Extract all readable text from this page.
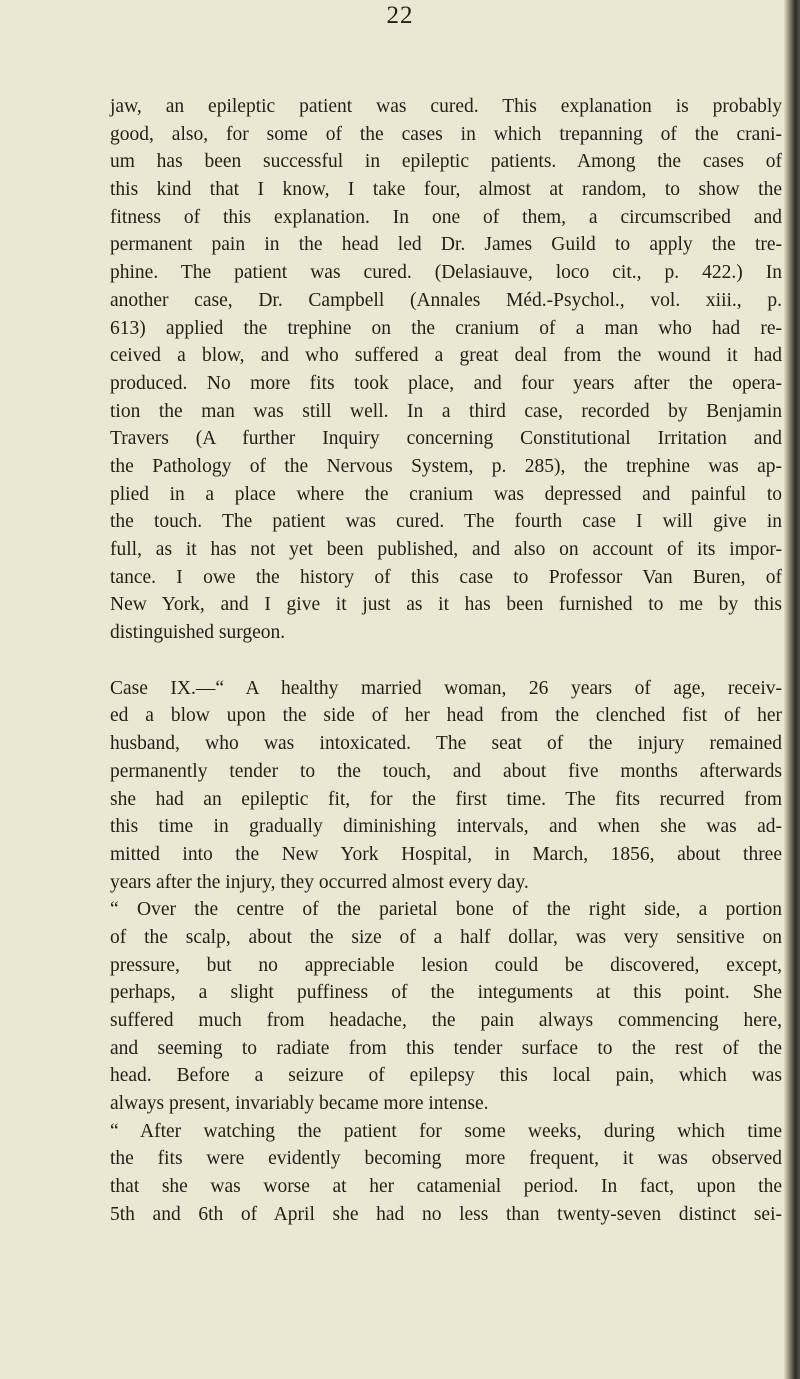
22
jaw, an epileptic patient was cured. This explanation is probably
good, also, for some of the cases in which trepanning of the crani-
um has been successful in epileptic patients. Among the cases of
this kind that I know, I take four, almost at random, to show the
fitness of this explanation. In one of them, a circumscribed and
permanent pain in the head led Dr. James Guild to apply the tre-
phine. The patient was cured. (Delasiauve, loco cit., p. 422.) In
another case, Dr. Campbell (Annales Méd.-Psychol., vol. xiii., p.
613) applied the trephine on the cranium of a man who had re-
ceived a blow, and who suffered a great deal from the wound it had
produced. No more fits took place, and four years after the opera-
tion the man was still well. In a third case, recorded by Benjamin
Travers (A further Inquiry concerning Constitutional Irritation and
the Pathology of the Nervous System, p. 285), the trephine was ap-
plied in a place where the cranium was depressed and painful to
the touch. The patient was cured. The fourth case I will give in
full, as it has not yet been published, and also on account of its impor-
tance. I owe the history of this case to Professor Van Buren, of
New York, and I give it just as it has been furnished to me by this
distinguished surgeon.
Case IX.—“ A healthy married woman, 26 years of age, receiv-
ed a blow upon the side of her head from the clenched fist of her
husband, who was intoxicated. The seat of the injury remained
permanently tender to the touch, and about five months afterwards
she had an epileptic fit, for the first time. The fits recurred from
this time in gradually diminishing intervals, and when she was ad-
mitted into the New York Hospital, in March, 1856, about three
years after the injury, they occurred almost every day.
“ Over the centre of the parietal bone of the right side, a portion
of the scalp, about the size of a half dollar, was very sensitive on
pressure, but no appreciable lesion could be discovered, except,
perhaps, a slight puffiness of the integuments at this point. She
suffered much from headache, the pain always commencing here,
and seeming to radiate from this tender surface to the rest of the
head. Before a seizure of epilepsy this local pain, which was
always present, invariably became more intense.
“ After watching the patient for some weeks, during which time
the fits were evidently becoming more frequent, it was observed
that she was worse at her catamenial period. In fact, upon the
5th and 6th of April she had no less than twenty-seven distinct sei-
